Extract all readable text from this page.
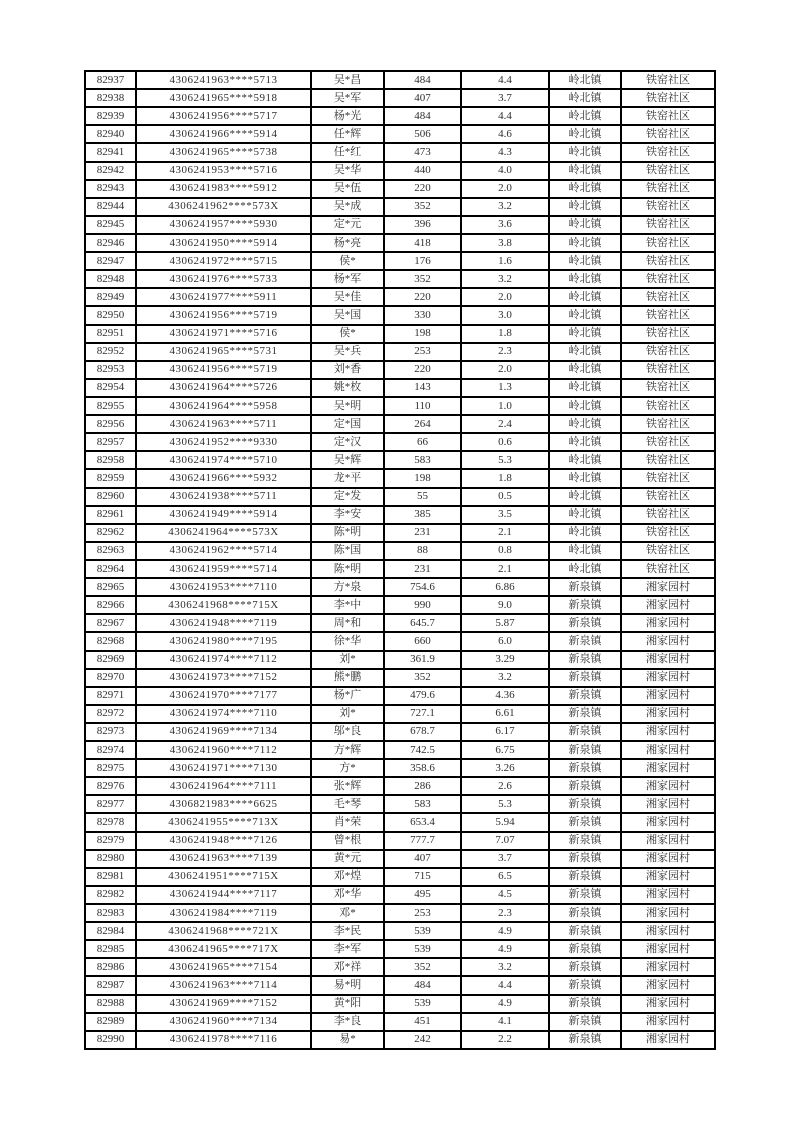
82937	4306241963****5713	吴*昌	484	4.4	岭北镇	铁窑社区
82938	4306241965****5918	吴*军	407	3.7	岭北镇	铁窑社区
82939	4306241956****5717	杨*光	484	4.4	岭北镇	铁窑社区
82940	4306241966****5914	任*辉	506	4.6	岭北镇	铁窑社区
82941	4306241965****5738	任*红	473	4.3	岭北镇	铁窑社区
82942	4306241953****5716	吴*华	440	4.0	岭北镇	铁窑社区
82943	4306241983****5912	吴*伍	220	2.0	岭北镇	铁窑社区
82944	4306241962****573X	吴*成	352	3.2	岭北镇	铁窑社区
82945	4306241957****5930	定*元	396	3.6	岭北镇	铁窑社区
82946	4306241950****5914	杨*亮	418	3.8	岭北镇	铁窑社区
82947	4306241972****5715	侯*	176	1.6	岭北镇	铁窑社区
82948	4306241976****5733	杨*军	352	3.2	岭北镇	铁窑社区
82949	4306241977****5911	吴*佳	220	2.0	岭北镇	铁窑社区
82950	4306241956****5719	吴*国	330	3.0	岭北镇	铁窑社区
82951	4306241971****5716	侯*	198	1.8	岭北镇	铁窑社区
82952	4306241965****5731	吴*兵	253	2.3	岭北镇	铁窑社区
82953	4306241956****5719	刘*香	220	2.0	岭北镇	铁窑社区
82954	4306241964****5726	姚*枚	143	1.3	岭北镇	铁窑社区
82955	4306241964****5958	吴*明	110	1.0	岭北镇	铁窑社区
82956	4306241963****5711	定*国	264	2.4	岭北镇	铁窑社区
82957	4306241952****9330	定*汉	66	0.6	岭北镇	铁窑社区
82958	4306241974****5710	吴*辉	583	5.3	岭北镇	铁窑社区
82959	4306241966****5932	龙*平	198	1.8	岭北镇	铁窑社区
82960	4306241938****5711	定*发	55	0.5	岭北镇	铁窑社区
82961	4306241949****5914	李*安	385	3.5	岭北镇	铁窑社区
82962	4306241964****573X	陈*明	231	2.1	岭北镇	铁窑社区
82963	4306241962****5714	陈*国	88	0.8	岭北镇	铁窑社区
82964	4306241959****5714	陈*明	231	2.1	岭北镇	铁窑社区
82965	4306241953****7110	方*泉	754.6	6.86	新泉镇	湘家园村
82966	4306241968****715X	李*中	990	9.0	新泉镇	湘家园村
82967	4306241948****7119	周*和	645.7	5.87	新泉镇	湘家园村
82968	4306241980****7195	徐*华	660	6.0	新泉镇	湘家园村
82969	4306241974****7112	刘*	361.9	3.29	新泉镇	湘家园村
82970	4306241973****7152	熊*鹏	352	3.2	新泉镇	湘家园村
82971	4306241970****7177	杨*广	479.6	4.36	新泉镇	湘家园村
82972	4306241974****7110	刘*	727.1	6.61	新泉镇	湘家园村
82973	4306241969****7134	邬*良	678.7	6.17	新泉镇	湘家园村
82974	4306241960****7112	方*辉	742.5	6.75	新泉镇	湘家园村
82975	4306241971****7130	方*	358.6	3.26	新泉镇	湘家园村
82976	4306241964****7111	张*辉	286	2.6	新泉镇	湘家园村
82977	4306821983****6625	毛*琴	583	5.3	新泉镇	湘家园村
82978	4306241955****713X	肖*荣	653.4	5.94	新泉镇	湘家园村
82979	4306241948****7126	曾*根	777.7	7.07	新泉镇	湘家园村
82980	4306241963****7139	黄*元	407	3.7	新泉镇	湘家园村
82981	4306241951****715X	邓*煌	715	6.5	新泉镇	湘家园村
82982	4306241944****7117	邓*华	495	4.5	新泉镇	湘家园村
82983	4306241984****7119	邓*	253	2.3	新泉镇	湘家园村
82984	4306241968****721X	李*民	539	4.9	新泉镇	湘家园村
82985	4306241965****717X	李*军	539	4.9	新泉镇	湘家园村
82986	4306241965****7154	邓*祥	352	3.2	新泉镇	湘家园村
82987	4306241963****7114	易*明	484	4.4	新泉镇	湘家园村
82988	4306241969****7152	黄*阳	539	4.9	新泉镇	湘家园村
82989	4306241960****7134	李*良	451	4.1	新泉镇	湘家园村
82990	4306241978****7116	易*	242	2.2	新泉镇	湘家园村
